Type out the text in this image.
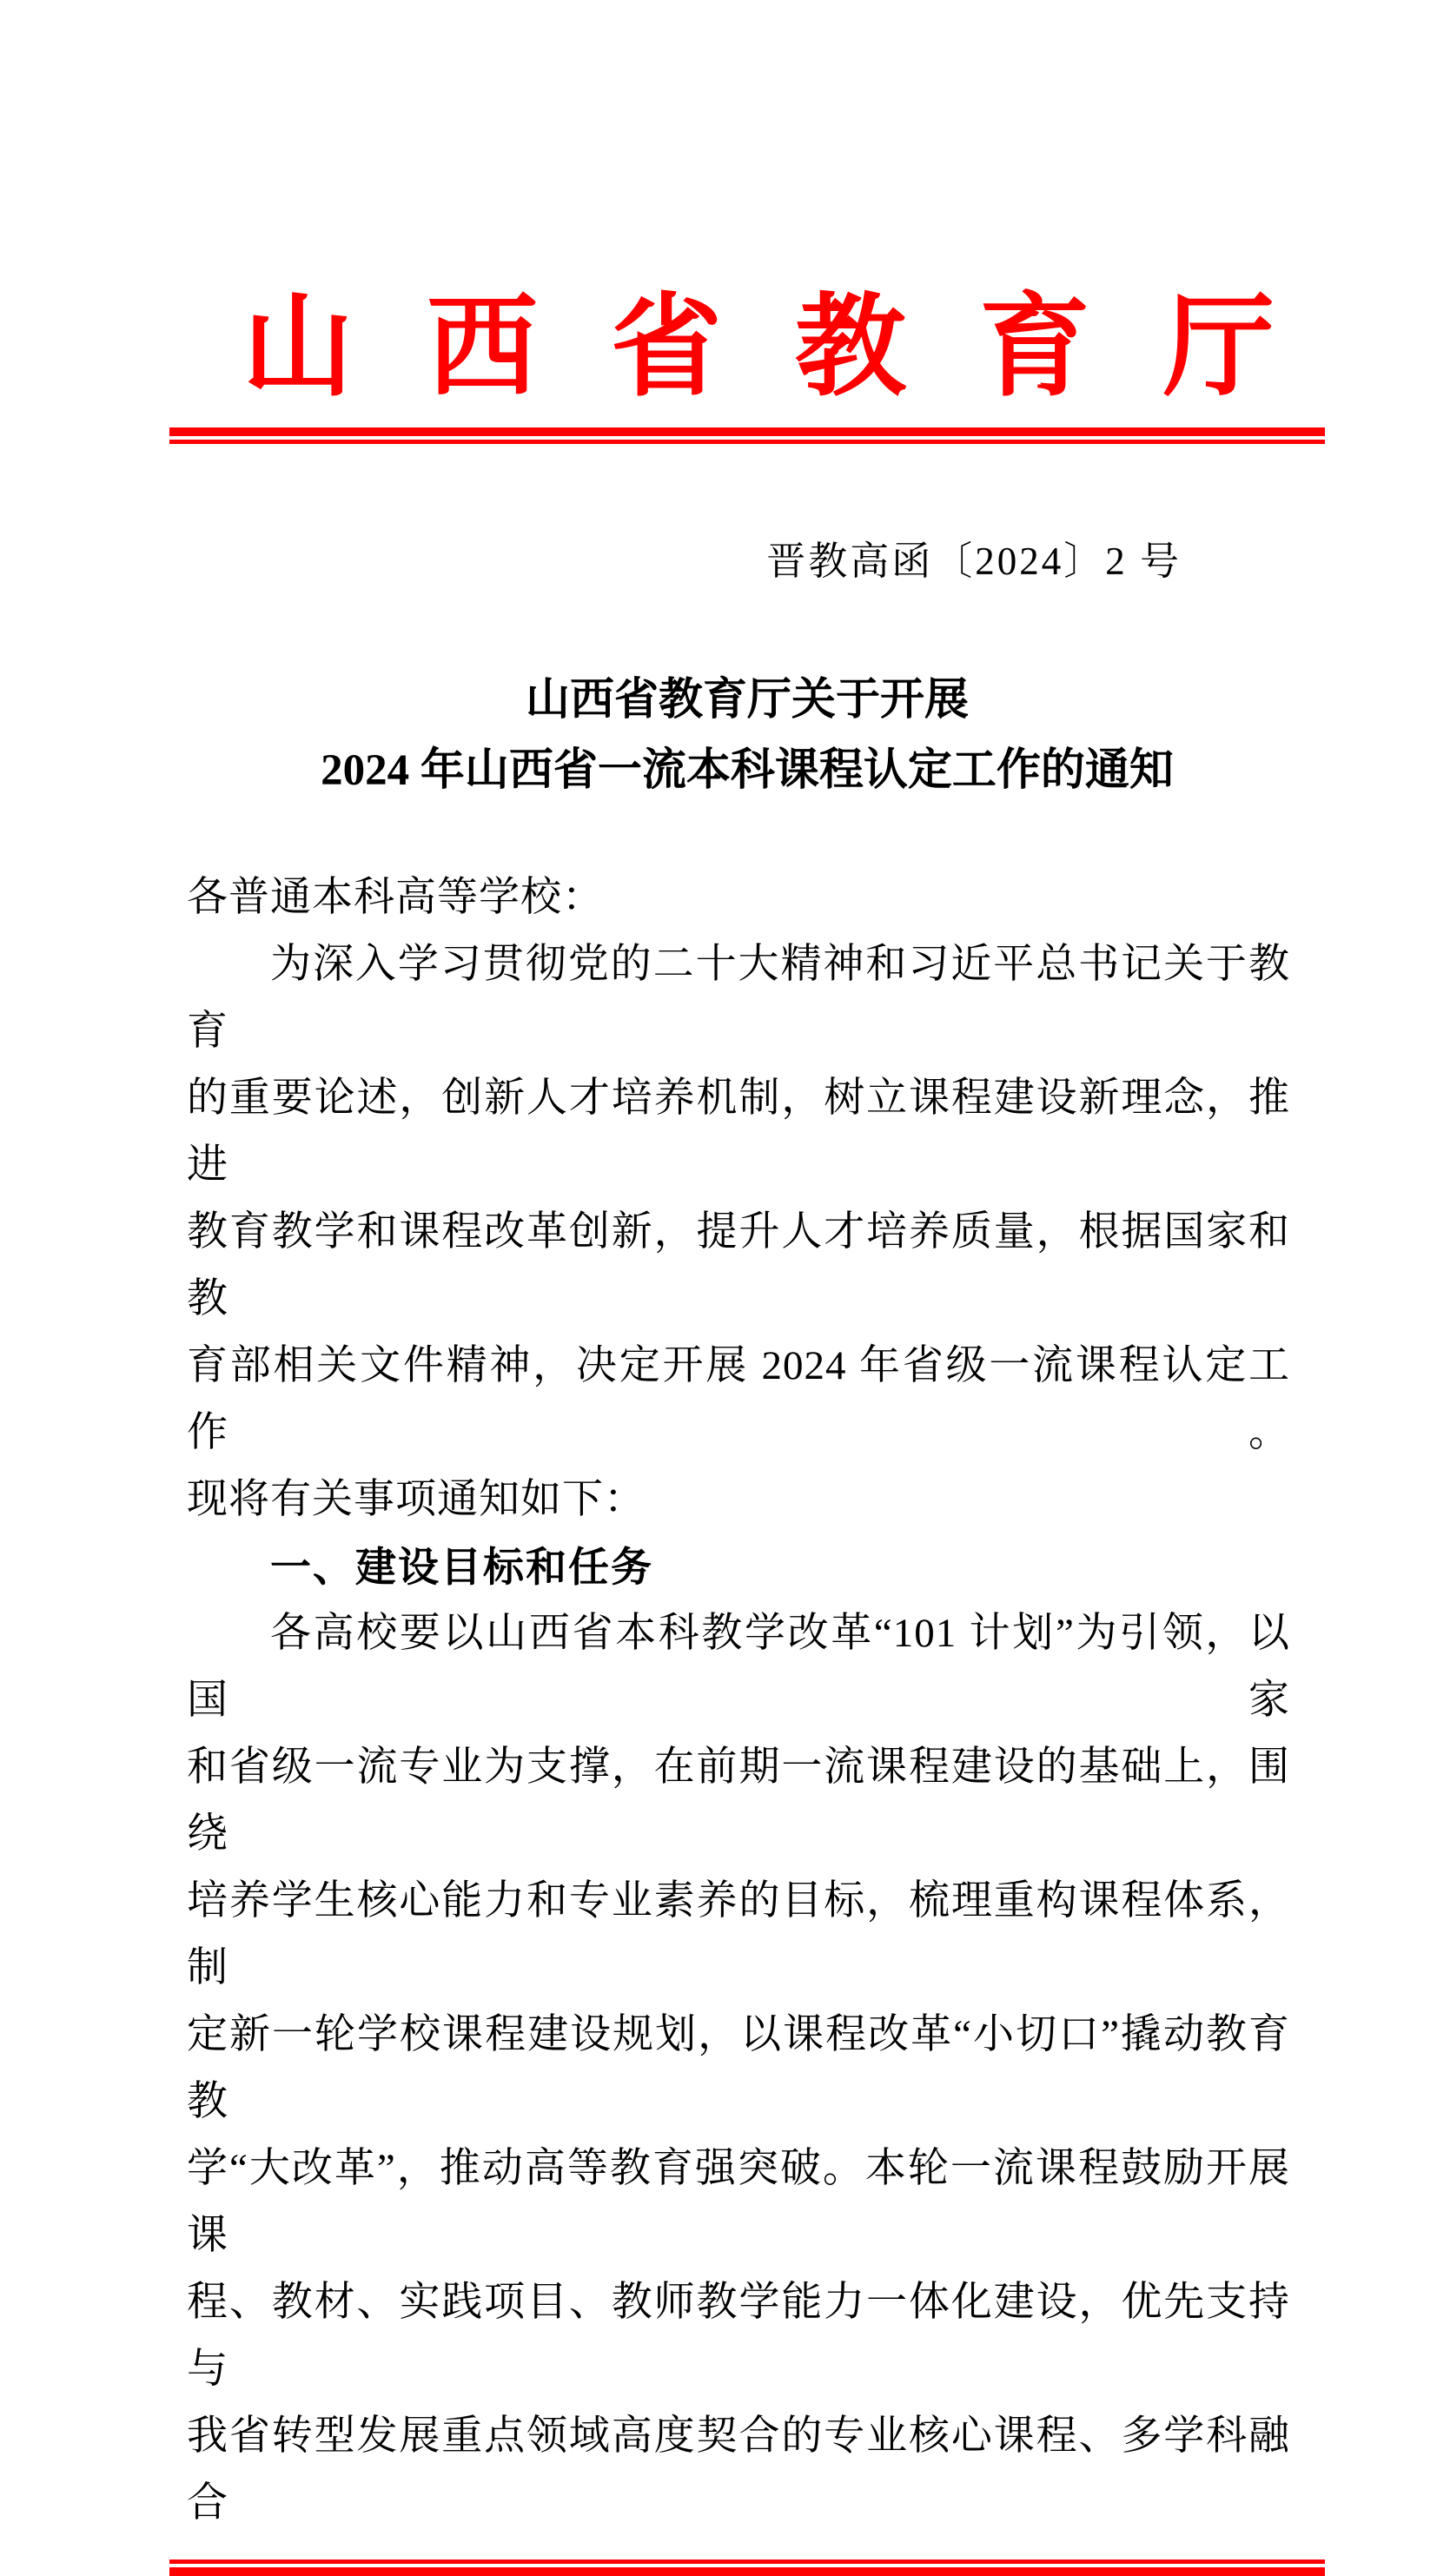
山西省教育厅
晋教高函〔2024〕2 号
山西省教育厅关于开展
2024 年山西省一流本科课程认定工作的通知
各普通本科高等学校：
为深入学习贯彻党的二十大精神和习近平总书记关于教育
的重要论述，创新人才培养机制，树立课程建设新理念，推进
教育教学和课程改革创新，提升人才培养质量，根据国家和教
育部相关文件精神，决定开展 2024 年省级一流课程认定工作。
现将有关事项通知如下：
一、建设目标和任务
各高校要以山西省本科教学改革“101 计划”为引领，以国家
和省级一流专业为支撑，在前期一流课程建设的基础上，围绕
培养学生核心能力和专业素养的目标，梳理重构课程体系，制
定新一轮学校课程建设规划，以课程改革“小切口”撬动教育教
学“大改革”，推动高等教育强突破。本轮一流课程鼓励开展课
程、教材、实践项目、教师教学能力一体化建设，优先支持与
我省转型发展重点领域高度契合的专业核心课程、多学科融合
